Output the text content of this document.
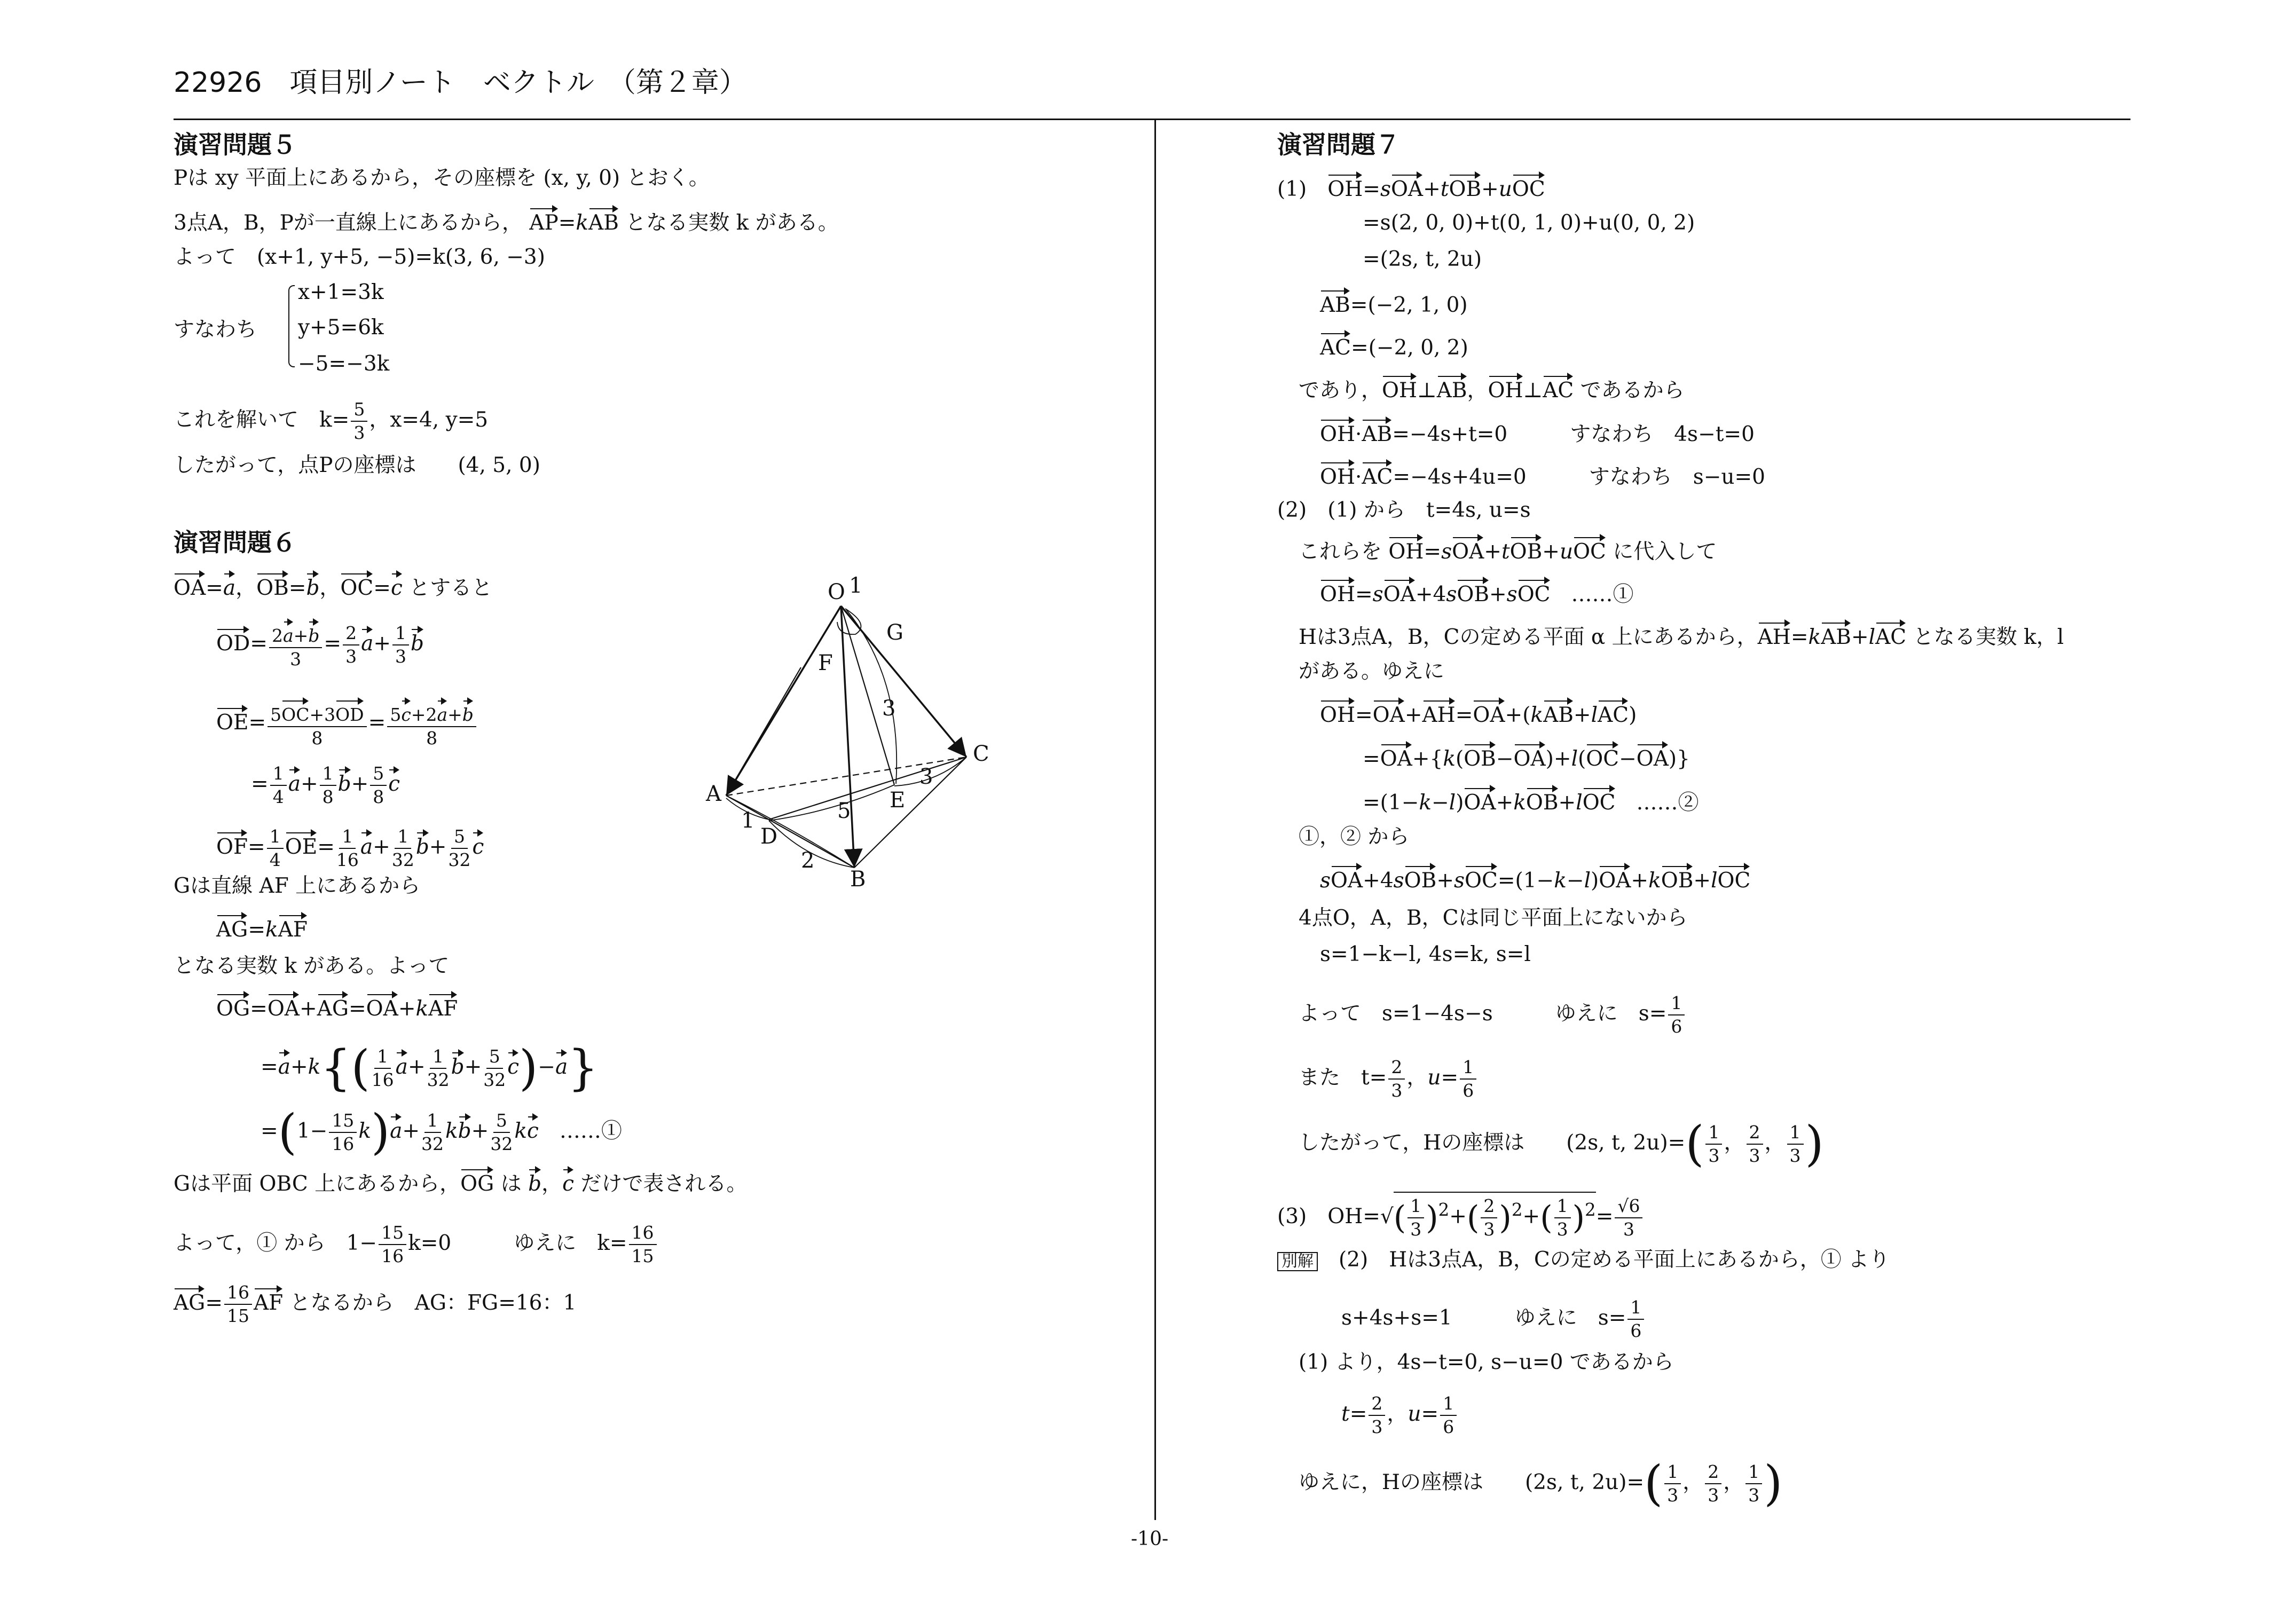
22926　項目別ノート　ベクトル　（第２章）
-10-
演習問題５
Pは xy 平面上にあるから，その座標を (x, y, 0) とおく。
3点A，B，Pが一直線上にあるから， AP=kAB となる実数 k がある。
よって　(x+1, y+5, −5)=k(3, 6, −3)
すなわち
x+1=3k
y+5=6k
−5=−3k
これを解いて　$k= \frac{5}{3}$ ，x=4, y=5
したがって，点Pの座標は　　(4, 5, 0)
演習問題６
OA=a，OB=b，OC=c とすると
$OD= \frac{2a+b}{3} = \frac{2}{3} a+ \frac{1}{3}$ b
$OE= \frac{5OC+3OD}{8} = \frac{5c+2a+b}{8}$
= $\frac{1}{4} a+ \frac{1}{8} b+ \frac{5}{8}$ c
$OF= \frac{1}{4} OE= \frac{1}{16} a+ \frac{1}{32} b+ \frac{5}{32}$ c
Gは直線 AF 上にあるから
AG=kAF
となる実数 k がある。よって
OG=OA+AG=OA+kAF
$=a+k\{( \frac{1}{16} a+ \frac{1}{32} b+ \frac{5}{32} c)-a\}$
$=(1- \frac{15}{16} k)a+ \frac{1}{32} kb+ \frac{5}{32}$ kc　……①
Gは平面 OBC 上にあるから，OG は b，c だけで表される。
よって，① から　$1- \frac{15}{16} k=0$　　　ゆえに　$k= \frac{16}{15}$
$AG= \frac{16}{15}$ AF となるから　AG：FG=16：1
O 1
G
F
3
C
A	E
3
1	5
D
2
B
演習問題７
(1)　 OH=sOA+tOB+uOC
=s(2, 0, 0)+t(0, 1, 0)+u(0, 0, 2)
=(2s, t, 2u)
AB=(−2, 1, 0)
AC=(−2, 0, 2)
であり，OH⊥AB，OH⊥AC であるから
OH·AB=−4s+t=0　　　すなわち　4s−t=0
OH·AC=−4s+4u=0　　　すなわち　s−u=0
(2)　(1) から　t=4s, u=s
これらを OH=sOA+tOB+uOC に代入して
OH=sOA+4sOB+sOC　 ……①
Hは3点A，B，Cの定める平面 α 上にあるから，AH=kAB+lAC となる実数 k，l
がある。ゆえに
OH=OA+AH=OA+(kAB+lAC)
=OA+{k(OB−OA)+l(OC−OA)}
=(1−k−l)OA+kOB+lOC　……②
①，② から
sOA+4sOB+sOC=(1−k−l)OA+kOB+lOC
4点O，A，B，Cは同じ平面上にないから
s=1−k−l, 4s=k, s=l
よって　s=1−4s−s　　　ゆえに　$s= \frac{1}{6}$
また　$t= \frac{2}{3}$ ，$u= \frac{1}{6}$
したがって，Hの座標は　　(2s, t, $2u)=( \frac{1}{3}$ ， $\frac{2}{3}$ ， $\frac{1}{3}$ )
(3)　$OH=√( \frac{1}{3} )^2+( \frac{2}{3} )^2+( \frac{1}{3} )^2= \frac{√6}{3}$
別解　 (2)　Hは3点A，B，Cの定める平面上にあるから，① より
s+4s+s=1　　　ゆえに　$s= \frac{1}{6}$
(1) より，4s−t=0, s−u=0 であるから
$t= \frac{2}{3}$ ，$u= \frac{1}{6}$
ゆえに，Hの座標は　　(2s, t, $2u)=( \frac{1}{3}$ ， $\frac{2}{3}$ ， $\frac{1}{3}$ )
